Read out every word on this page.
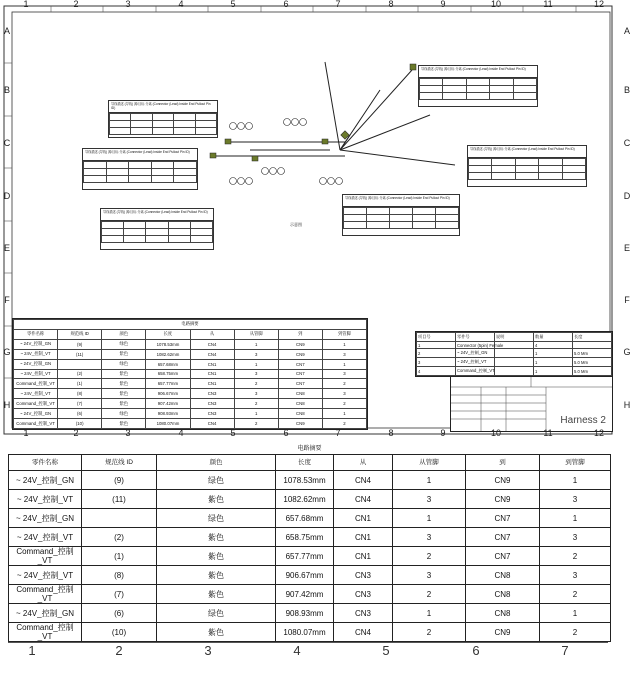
导线描述 (导线) 源/目标 分离 (Connector (Lead) Inside End Pullout Pin ID)

导线描述 (导线) 源/目标 分离 (Connector (Lead) Inside End Pullout Pin ID)

导线描述 (导线) 源/目标 分离 (Connector (Lead) Inside End Pullout Pin ID)

导线描述 (导线) 源/目标 分离 (Connector (Lead) Inside End Pullout Pin ID)

导线描述 (导线) 源/目标 分离 (Connector (Lead) Inside End Pullout Pin ID)

导线描述 (导线) 源/目标 分离 (Connector (Lead) Inside End Pullout Pin ID)

示意图
电路摘要							
零件名称	规范线 ID	颜色	长度	从	从管脚	到	到管脚
~ 24V_控制_GN	(9)	绿色	1078.53mm	CN4	1	CN9	1
~ 24V_控制_VT	(11)	紫色	1082.62mm	CN4	3	CN9	3
~ 24V_控制_GN		绿色	657.68mm	CN1	1	CN7	1
~ 24V_控制_VT	(2)	紫色	658.75mm	CN1	3	CN7	3
Command_控制_VT	(1)	紫色	657.77mm	CN1	2	CN7	2
~ 24V_控制_VT	(8)	紫色	906.67mm	CN3	3	CN8	3
Command_控制_VT	(7)	紫色	907.42mm	CN3	2	CN8	2
~ 24V_控制_GN	(6)	绿色	908.93mm	CN3	1	CN8	1
Command_控制_VT	(10)	紫色	1080.07mm	CN4	2	CN9	2
项目号	零件号	说明	数量	长度
1	Connector (5pin) Female		4	
2	~ 24V_控制_GN		1	5.0 Mm
3	~ 24V_控制_VT		1	5.0 Mm
4	Command_控制_VT		1	5.0 Mm
Harness 2
1
1
2
2
3
3
4
4
5
5
6
6
7
7
8
8
9
9
10
10
11
11
12
12
A	A
B	B
C	C
D	D
E	E
F	F
G	G
H	H
电路摘要							
零件名称	规范线 ID	颜色	长度	从	从管脚	到	到管脚
~ 24V_控制_GN	(9)	绿色	1078.53mm	CN4	1	CN9	1
~ 24V_控制_VT	(11)	紫色	1082.62mm	CN4	3	CN9	3
~ 24V_控制_GN		绿色	657.68mm	CN1	1	CN7	1
~ 24V_控制_VT	(2)	紫色	658.75mm	CN1	3	CN7	3
Command_控制_VT	(1)	紫色	657.77mm	CN1	2	CN7	2
~ 24V_控制_VT	(8)	紫色	906.67mm	CN3	3	CN8	3
Command_控制_VT	(7)	紫色	907.42mm	CN3	2	CN8	2
~ 24V_控制_GN	(6)	绿色	908.93mm	CN3	1	CN8	1
Command_控制_VT	(10)	紫色	1080.07mm	CN4	2	CN9	2
1	2	3	4	5	6	7
